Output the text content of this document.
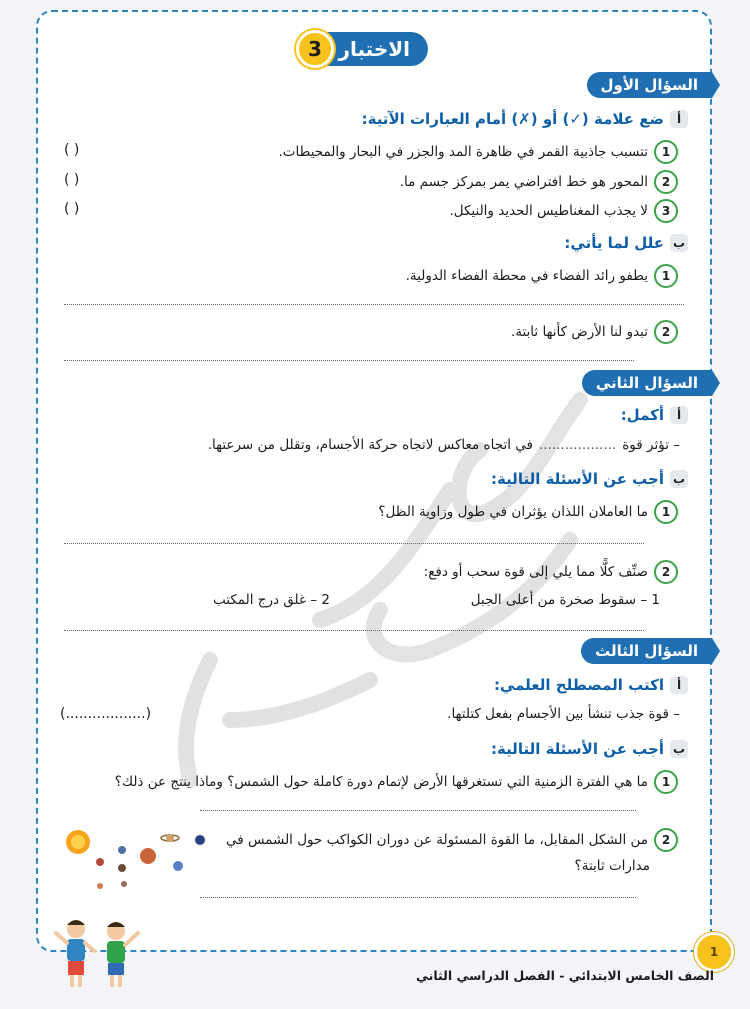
الاختبار
3
السؤال الأول
أ
ضع علامة (✓) أو (✗) أمام العبارات الآتية:
1
تتسبب جاذبية القمر في ظاهرة المد والجزر في البحار والمحيطات.
( )
2
المحور هو خط افتراضي يمر بمركز جسم ما.
( )
3
لا يجذب المغناطيس الحديد والنيكل.
( )
ب
علل لما يأتي:
1
يطفو رائد الفضاء في محطة الفضاء الدولية.
2
تبدو لنا الأرض كأنها ثابتة.
السؤال الثاني
أ
أكمل:
– تؤثر قوة
..................
في اتجاه معاكس لاتجاه حركة الأجسام، وتقلل من سرعتها.
ب
أجب عن الأسئلة التالية:
1
ما العاملان اللذان يؤثران في طول وزاوية الظل؟
2
صنِّف كلًّا مما يلي إلى قوة سحب أو دفع:
1 – سقوط صخرة من أعلى الجبل
2 – غلق درج المكتب
السؤال الثالث
أ
اكتب المصطلح العلمي:
– قوة جذب تنشأ بين الأجسام بفعل كتلتها.
(..................)
ب
أجب عن الأسئلة التالية:
1
ما هي الفترة الزمنية التي تستغرقها الأرض لإتمام دورة كاملة حول الشمس؟ وماذا ينتج عن ذلك؟
2
من الشكل المقابل، ما القوة المسئولة عن دوران الكواكب حول الشمس في
مدارات ثابتة؟
1
الصف الخامس الابتدائي - الفصل الدراسي الثاني
